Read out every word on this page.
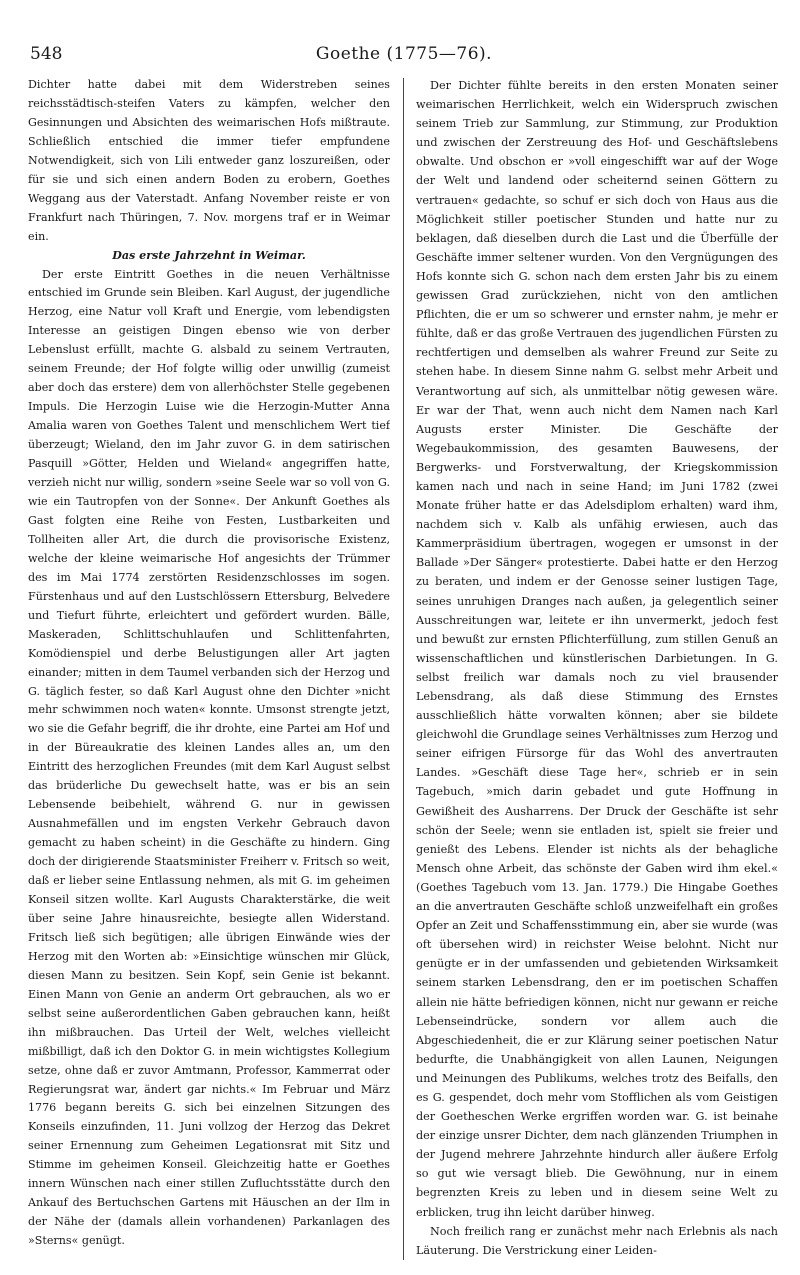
548	Goethe (1775—76).

Dichter hatte dabei mit dem Widerstreben seines reichsstädtisch-steifen Vaters zu kämpfen, welcher den Gesinnungen und Absichten des weimarischen Hofs mißtraute. Schließlich entschied die immer tiefer empfundene Notwendigkeit, sich von Lili entweder ganz loszureißen, oder für sie und sich einen andern Boden zu erobern, Goethes Weggang aus der Vaterstadt. Anfang November reiste er von Frankfurt nach Thüringen, 7. Nov. morgens traf er in Weimar ein.

Das erste Jahrzehnt in Weimar.

Der erste Eintritt Goethes in die neuen Verhältnisse entschied im Grunde sein Bleiben. Karl August, der jugendliche Herzog, eine Natur voll Kraft und Energie, vom lebendigsten Interesse an geistigen Dingen ebenso wie von derber Lebenslust erfüllt, machte G. alsbald zu seinem Vertrauten, seinem Freunde; der Hof folgte willig oder unwillig (zumeist aber doch das erstere) dem von allerhöchster Stelle gegebenen Impuls. Die Herzogin Luise wie die Herzogin-Mutter Anna Amalia waren von Goethes Talent und menschlichem Wert tief überzeugt; Wieland, den im Jahr zuvor G. in dem satirischen Pasquill »Götter, Helden und Wieland« angegriffen hatte, verzieh nicht nur willig, sondern »seine Seele war so voll von G. wie ein Tautropfen von der Sonne«. Der Ankunft Goethes als Gast folgten eine Reihe von Festen, Lustbarkeiten und Tollheiten aller Art, die durch die provisorische Existenz, welche der kleine weimarische Hof angesichts der Trümmer des im Mai 1774 zerstörten Residenzschlosses im sogen. Fürstenhaus und auf den Lustschlössern Ettersburg, Belvedere und Tiefurt führte, erleichtert und gefördert wurden. Bälle, Maskeraden, Schlittschuhlaufen und Schlittenfahrten, Komödienspiel und derbe Belustigungen aller Art jagten einander; mitten in dem Taumel verbanden sich der Herzog und G. täglich fester, so daß Karl August ohne den Dichter »nicht mehr schwimmen noch waten« konnte. Umsonst strengte jetzt, wo sie die Gefahr begriff, die ihr drohte, eine Partei am Hof und in der Büreaukratie des kleinen Landes alles an, um den Eintritt des herzoglichen Freundes (mit dem Karl August selbst das brüderliche Du gewechselt hatte, was er bis an sein Lebensende beibehielt, während G. nur in gewissen Ausnahmefällen und im engsten Verkehr Gebrauch davon gemacht zu haben scheint) in die Geschäfte zu hindern. Ging doch der dirigierende Staatsminister Freiherr v. Fritsch so weit, daß er lieber seine Entlassung nehmen, als mit G. im geheimen Konseil sitzen wollte. Karl Augusts Charakterstärke, die weit über seine Jahre hinausreichte, besiegte allen Widerstand. Fritsch ließ sich begütigen; alle übrigen Einwände wies der Herzog mit den Worten ab: »Einsichtige wünschen mir Glück, diesen Mann zu besitzen. Sein Kopf, sein Genie ist bekannt. Einen Mann von Genie an anderm Ort gebrauchen, als wo er selbst seine außerordentlichen Gaben gebrauchen kann, heißt ihn mißbrauchen. Das Urteil der Welt, welches vielleicht mißbilligt, daß ich den Doktor G. in mein wichtigstes Kollegium setze, ohne daß er zuvor Amtmann, Professor, Kammerrat oder Regierungsrat war, ändert gar nichts.« Im Februar und März 1776 begann bereits G. sich bei einzelnen Sitzungen des Konseils einzufinden, 11. Juni vollzog der Herzog das Dekret seiner Ernennung zum Geheimen Legationsrat mit Sitz und Stimme im geheimen Konseil. Gleichzeitig hatte er Goethes innern Wünschen nach einer stillen Zufluchtsstätte durch den Ankauf des Bertuchschen Gartens mit Häuschen an der Ilm in der Nähe der (damals allein vorhandenen) Parkanlagen des »Sterns« genügt.

Der Dichter fühlte bereits in den ersten Monaten seiner weimarischen Herrlichkeit, welch ein Widerspruch zwischen seinem Trieb zur Sammlung, zur Stimmung, zur Produktion und zwischen der Zerstreuung des Hof- und Geschäftslebens obwalte. Und obschon er »voll eingeschifft war auf der Woge der Welt und landend oder scheiternd seinen Göttern zu vertrauen« gedachte, so schuf er sich doch von Haus aus die Möglichkeit stiller poetischer Stunden und hatte nur zu beklagen, daß dieselben durch die Last und die Überfülle der Geschäfte immer seltener wurden. Von den Vergnügungen des Hofs konnte sich G. schon nach dem ersten Jahr bis zu einem gewissen Grad zurückziehen, nicht von den amtlichen Pflichten, die er um so schwerer und ernster nahm, je mehr er fühlte, daß er das große Vertrauen des jugendlichen Fürsten zu rechtfertigen und demselben als wahrer Freund zur Seite zu stehen habe. In diesem Sinne nahm G. selbst mehr Arbeit und Verantwortung auf sich, als unmittelbar nötig gewesen wäre. Er war der That, wenn auch nicht dem Namen nach Karl Augusts erster Minister. Die Geschäfte der Wegebaukommission, des gesamten Bauwesens, der Bergwerks- und Forstverwaltung, der Kriegskommission kamen nach und nach in seine Hand; im Juni 1782 (zwei Monate früher hatte er das Adelsdiplom erhalten) ward ihm, nachdem sich v. Kalb als unfähig erwiesen, auch das Kammerpräsidium übertragen, wogegen er umsonst in der Ballade »Der Sänger« protestierte. Dabei hatte er den Herzog zu beraten, und indem er der Genosse seiner lustigen Tage, seines unruhigen Dranges nach außen, ja gelegentlich seiner Ausschreitungen war, leitete er ihn unvermerkt, jedoch fest und bewußt zur ernsten Pflichterfüllung, zum stillen Genuß an wissenschaftlichen und künstlerischen Darbietungen. In G. selbst freilich war damals noch zu viel brausender Lebensdrang, als daß diese Stimmung des Ernstes ausschließlich hätte vorwalten können; aber sie bildete gleichwohl die Grundlage seines Verhältnisses zum Herzog und seiner eifrigen Fürsorge für das Wohl des anvertrauten Landes. »Geschäft diese Tage her«, schrieb er in sein Tagebuch, »mich darin gebadet und gute Hoffnung in Gewißheit des Ausharrens. Der Druck der Geschäfte ist sehr schön der Seele; wenn sie entladen ist, spielt sie freier und genießt des Lebens. Elender ist nichts als der behagliche Mensch ohne Arbeit, das schönste der Gaben wird ihm ekel.« (Goethes Tagebuch vom 13. Jan. 1779.) Die Hingabe Goethes an die anvertrauten Geschäfte schloß unzweifelhaft ein großes Opfer an Zeit und Schaffensstimmung ein, aber sie wurde (was oft übersehen wird) in reichster Weise belohnt. Nicht nur genügte er in der umfassenden und gebietenden Wirksamkeit seinem starken Lebensdrang, den er im poetischen Schaffen allein nie hätte befriedigen können, nicht nur gewann er reiche Lebenseindrücke, sondern vor allem auch die Abgeschiedenheit, die er zur Klärung seiner poetischen Natur bedurfte, die Unabhängigkeit von allen Launen, Neigungen und Meinungen des Publikums, welches trotz des Beifalls, den es G. gespendet, doch mehr vom Stofflichen als vom Geistigen der Goetheschen Werke ergriffen worden war. G. ist beinahe der einzige unsrer Dichter, dem nach glänzenden Triumphen in der Jugend mehrere Jahrzehnte hindurch aller äußere Erfolg so gut wie versagt blieb. Die Gewöhnung, nur in einem begrenzten Kreis zu leben und in diesem seine Welt zu erblicken, trug ihn leicht darüber hinweg.

Noch freilich rang er zunächst mehr nach Erlebnis als nach Läuterung. Die Verstrickung einer Leiden-
